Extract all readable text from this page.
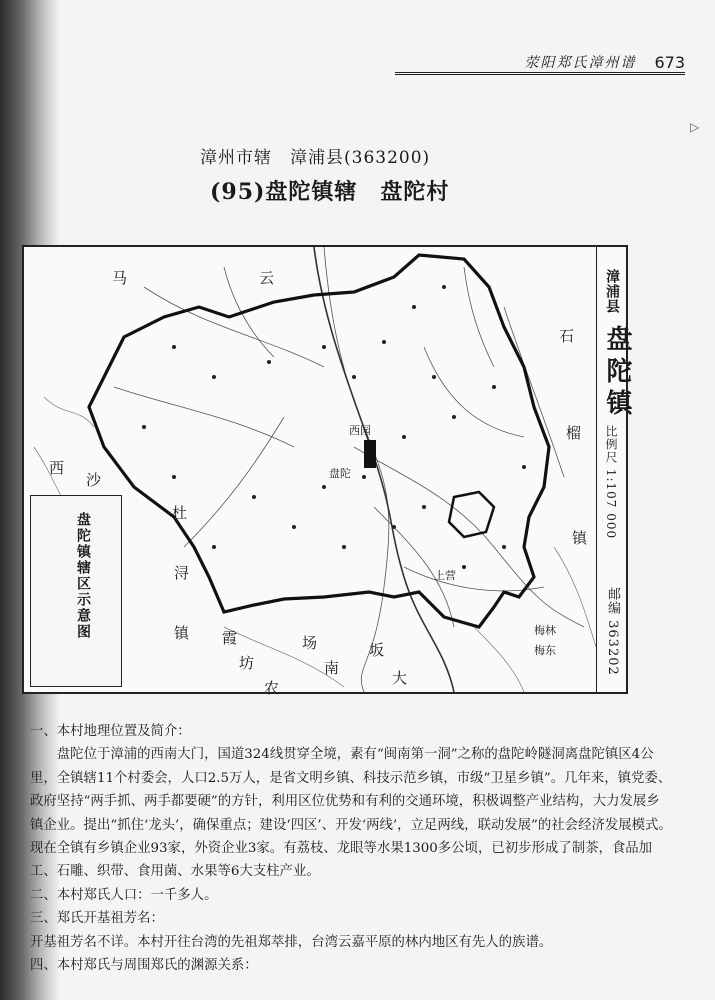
荥阳郑氏漳州谱 673
▷
漳州市辖　漳浦县(363200)
(95)盘陀镇辖　盘陀村
盘陀镇辖区示意图
马	云
石
榴
镇
杜
浔
镇 霞
坊
农
南
场	坂
大
沙
西	盘陀
西园
上营
梅林
梅东
漳浦县
盘陀镇
比例尺 1:107 000
邮编 363202

一、本村地理位置及简介：

盘陀位于漳浦的西南大门，国道324线贯穿全境，素有“闽南第一洞”之称的盘陀岭隧洞离盘陀镇区4公里，全镇辖11个村委会，人口2.5万人，是省文明乡镇、科技示范乡镇，市级“卫星乡镇”。几年来，镇党委、政府坚持“两手抓、两手都要硬”的方针，利用区位优势和有利的交通环境，积极调整产业结构，大力发展乡镇企业。提出“抓住‘龙头’，确保重点；建设‘四区’、开发‘两线’，立足两线，联动发展”的社会经济发展模式。现在全镇有乡镇企业93家，外资企业3家。有荔枝、龙眼等水果1300多公顷，已初步形成了制茶，食品加工、石雕、织带、食用菌、水果等6大支柱产业。

二、本村郑氏人口：一千多人。

三、郑氏开基祖芳名：

开基祖芳名不详。本村开往台湾的先祖郑萃排，台湾云嘉平原的林内地区有先人的族谱。

四、本村郑氏与周围郑氏的渊源关系：
